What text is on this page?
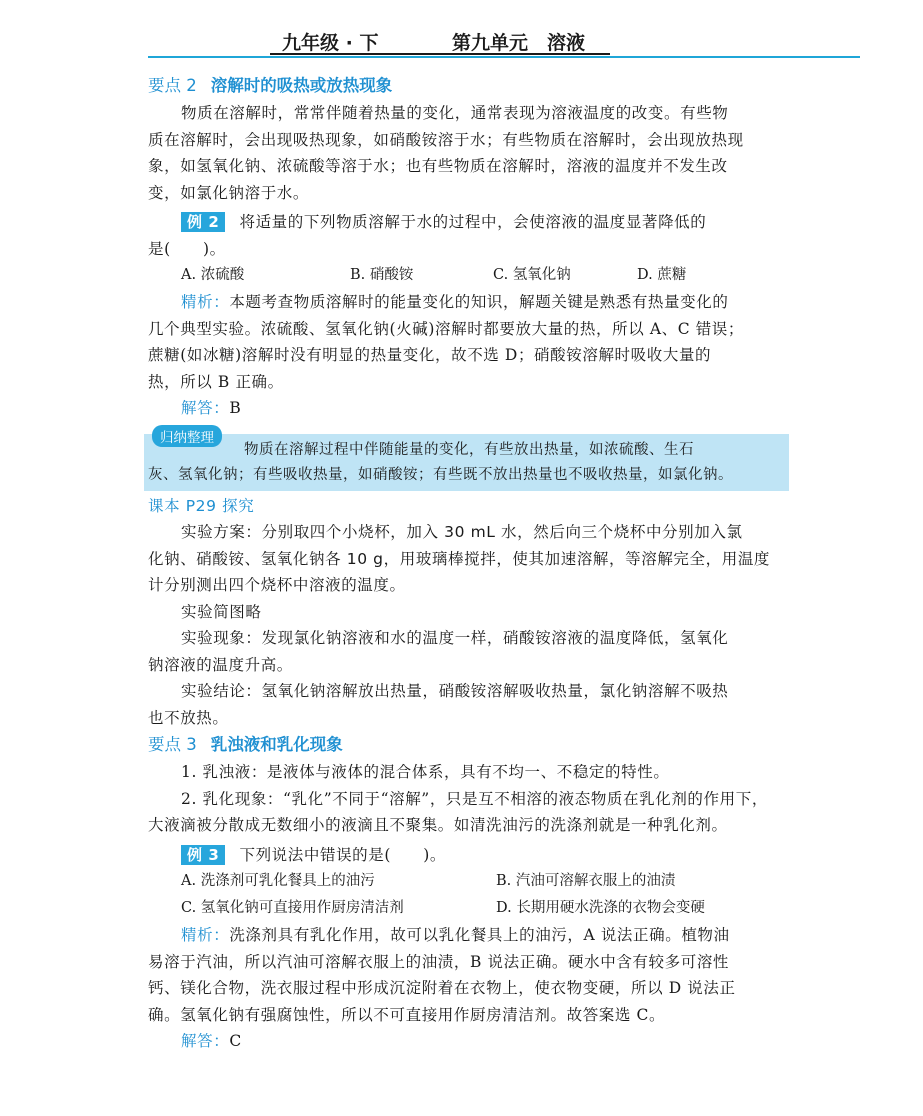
九年级 · 下	第九单元　溶液
要点 2 溶解时的吸热或放热现象
物质在溶解时，常常伴随着热量的变化，通常表现为溶液温度的改变。有些物
质在溶解时，会出现吸热现象，如硝酸铵溶于水；有些物质在溶解时，会出现放热现
象，如氢氧化钠、浓硫酸等溶于水；也有些物质在溶解时，溶液的温度并不发生改
变，如氯化钠溶于水。
例 2 将适量的下列物质溶解于水的过程中，会使溶液的温度显著降低的
是(　　)。
A. 浓硫酸	B. 硝酸铵	C. 氢氧化钠	D. 蔗糖
精析：本题考查物质溶解时的能量变化的知识，解题关键是熟悉有热量变化的
几个典型实验。浓硫酸、氢氧化钠(火碱)溶解时都要放大量的热，所以 A、C 错误；
蔗糖(如冰糖)溶解时没有明显的热量变化，故不选 D；硝酸铵溶解时吸收大量的
热，所以 B 正确。
解答：B
归纳整理
物质在溶解过程中伴随能量的变化，有些放出热量，如浓硫酸、生石
灰、氢氧化钠；有些吸收热量，如硝酸铵；有些既不放出热量也不吸收热量，如氯化钠。
课本 P29 探究
实验方案：分别取四个小烧杯，加入 30 mL 水，然后向三个烧杯中分别加入氯
化钠、硝酸铵、氢氧化钠各 10 g，用玻璃棒搅拌，使其加速溶解，等溶解完全，用温度
计分别测出四个烧杯中溶液的温度。
实验简图略
实验现象：发现氯化钠溶液和水的温度一样，硝酸铵溶液的温度降低，氢氧化
钠溶液的温度升高。
实验结论：氢氧化钠溶解放出热量，硝酸铵溶解吸收热量，氯化钠溶解不吸热
也不放热。
要点 3 乳浊液和乳化现象
1. 乳浊液：是液体与液体的混合体系，具有不均一、不稳定的特性。
2. 乳化现象：“乳化”不同于“溶解”，只是互不相溶的液态物质在乳化剂的作用下，
大液滴被分散成无数细小的液滴且不聚集。如清洗油污的洗涤剂就是一种乳化剂。
例 3 下列说法中错误的是(　　)。
A. 洗涤剂可乳化餐具上的油污	B. 汽油可溶解衣服上的油渍
C. 氢氧化钠可直接用作厨房清洁剂	D. 长期用硬水洗涤的衣物会变硬
精析：洗涤剂具有乳化作用，故可以乳化餐具上的油污，A 说法正确。植物油
易溶于汽油，所以汽油可溶解衣服上的油渍，B 说法正确。硬水中含有较多可溶性
钙、镁化合物，洗衣服过程中形成沉淀附着在衣物上，使衣物变硬，所以 D 说法正
确。氢氧化钠有强腐蚀性，所以不可直接用作厨房清洁剂。故答案选 C。
解答：C
